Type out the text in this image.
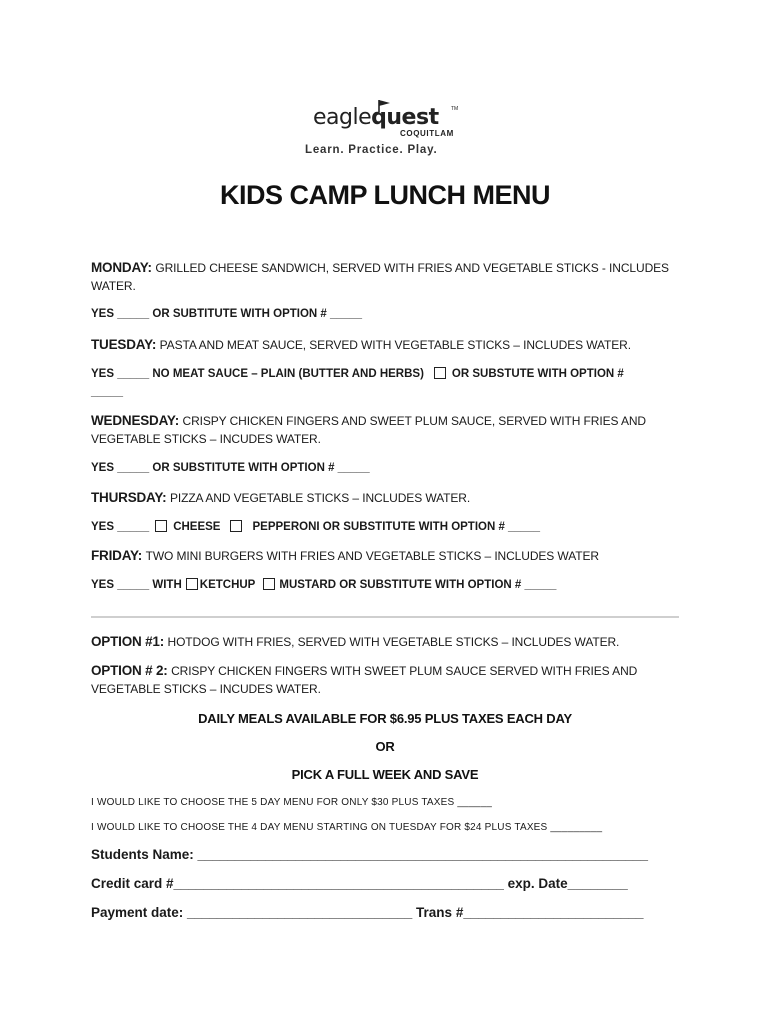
eaglequest TM
COQUITLAM
Learn. Practice. Play.
KIDS CAMP LUNCH MENU
MONDAY: GRILLED CHEESE SANDWICH, SERVED WITH FRIES AND VEGETABLE STICKS - INCLUDES
WATER.
YES _____ OR SUBTITUTE WITH OPTION # _____
TUESDAY: PASTA AND MEAT SAUCE, SERVED WITH VEGETABLE STICKS – INCLUDES WATER.
YES _____ NO MEAT SAUCE – PLAIN (BUTTER AND HERBS) OR SUBSTUTE WITH OPTION #
_____
WEDNESDAY: CRISPY CHICKEN FINGERS AND SWEET PLUM SAUCE, SERVED WITH FRIES AND
VEGETABLE STICKS – INCUDES WATER.
YES _____ OR SUBSTITUTE WITH OPTION # _____
THURSDAY: PIZZA AND VEGETABLE STICKS – INCLUDES WATER.
YES _____ CHEESE	PEPPERONI OR SUBSTITUTE WITH OPTION # _____
FRIDAY: TWO MINI BURGERS WITH FRIES AND VEGETABLE STICKS – INCLUDES WATER
YES _____ WITH KETCHUP MUSTARD OR SUBSTITUTE WITH OPTION # _____
OPTION #1: HOTDOG WITH FRIES, SERVED WITH VEGETABLE STICKS – INCLUDES WATER.
OPTION # 2: CRISPY CHICKEN FINGERS WITH SWEET PLUM SAUCE SERVED WITH FRIES AND
VEGETABLE STICKS – INCUDES WATER.
DAILY MEALS AVAILABLE FOR $6.95 PLUS TAXES EACH DAY
OR
PICK A FULL WEEK AND SAVE
I WOULD LIKE TO CHOOSE THE 5 DAY MENU FOR ONLY $30 PLUS TAXES ______
I WOULD LIKE TO CHOOSE THE 4 DAY MENU STARTING ON TUESDAY FOR $24 PLUS TAXES _________
Students Name: ____________________________________________________________
Credit card #____________________________________________ exp. Date________
Payment date: ______________________________ Trans #________________________
